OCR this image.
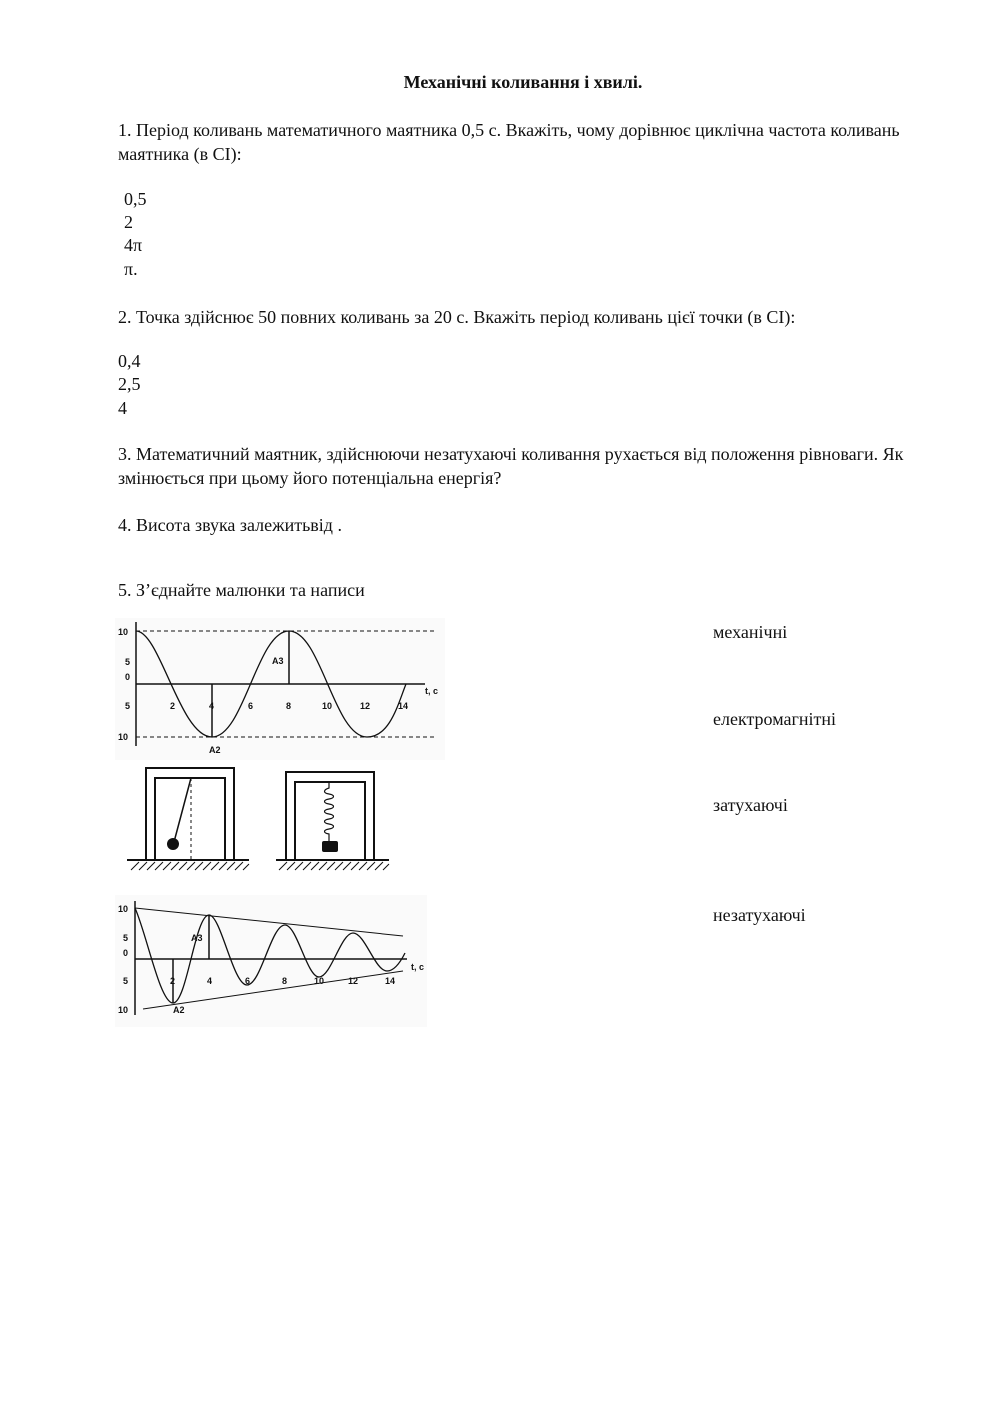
Механічні коливання і хвилі.
1. Період коливань математичного маятника 0,5 с. Вкажіть, чому дорівнює циклічна частота коливань маятника (в СІ):
0,5
2
4π
π.
2. Точка здійснює 50 повних коливань за 20 с. Вкажіть період коливань цієї точки (в СІ):
0,4
2,5
4
3. Математичний маятник, здійснюючи незатухаючі коливання рухається від положення рівноваги. Як змінюється при цьому його потенціальна енергія?
4. Висота звука залежитьвід .
5. З’єднайте малюнки та написи
механічні
електромагнітні
затухаючі
незатухаючі
10
5
0
5
10
2	4	6	8	10	12	14
t, c
A3
A2
10
5
0
5
10
2	4	6	8	10	12	14
t, c
A3
A2
